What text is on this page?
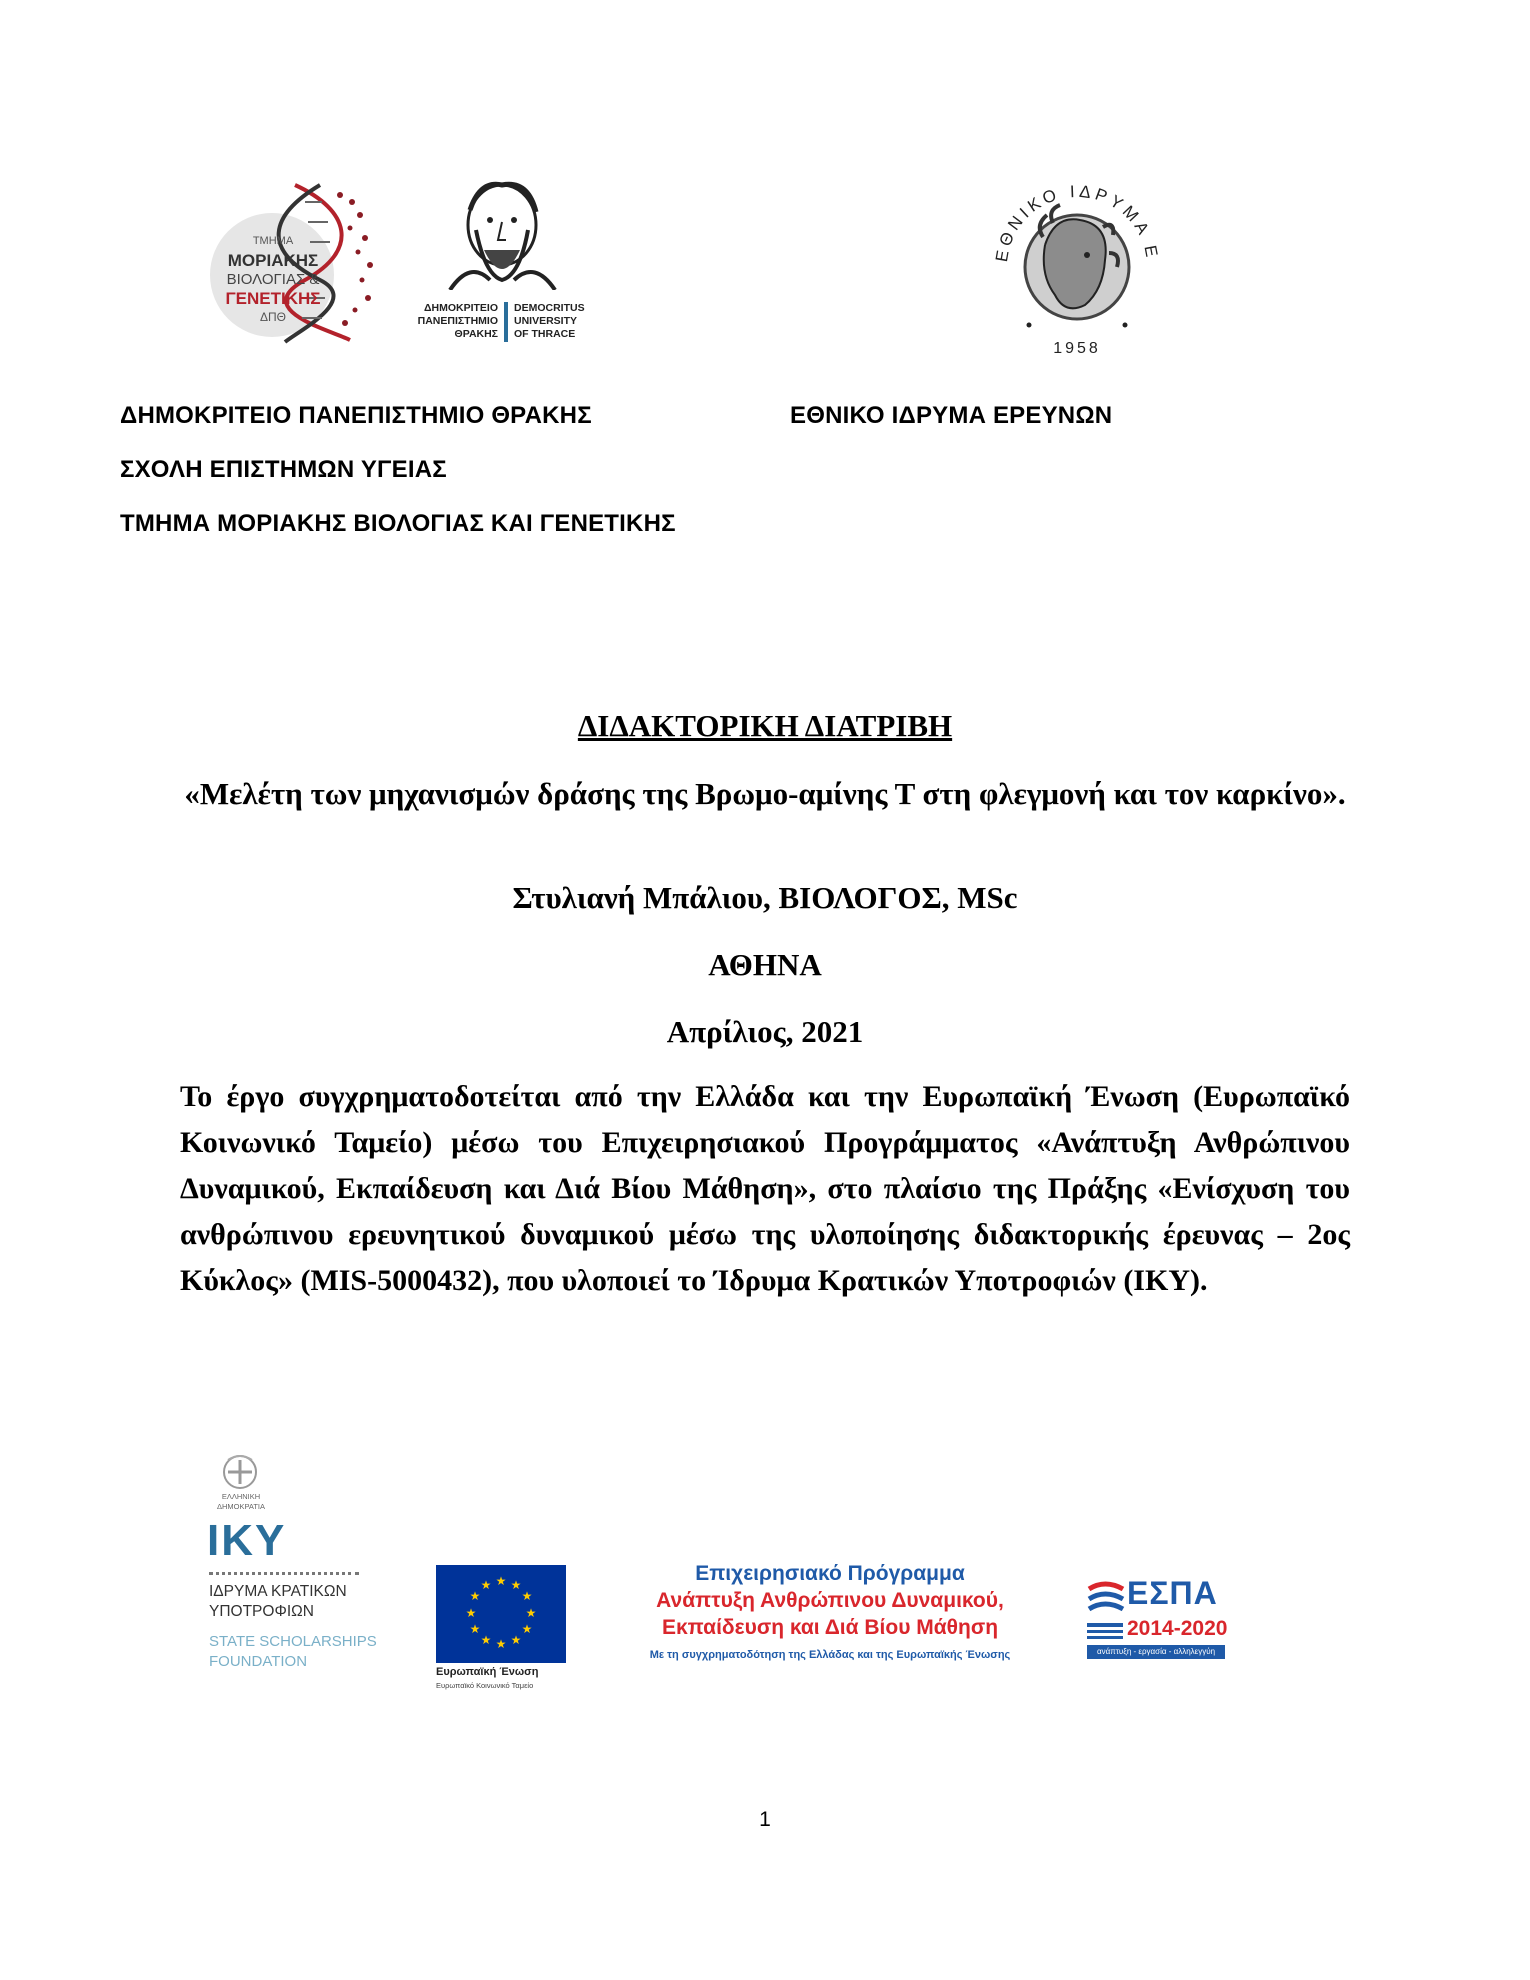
ΤΜΗΜΑ
ΜΟΡΙΑΚΗΣ
ΒΙΟΛΟΓΙΑΣ &
ΓΕΝΕΤΙΚΗΣ
ΔΠΘ
ΔΗΜΟΚΡΙΤΕΙΟ
ΠΑΝΕΠΙΣΤΗΜΙΟ
ΘΡΑΚΗΣ
DEMOCRITUS
UNIVERSITY
OF THRACE
ΕΘΝΙΚΟ ΙΔΡΥΜΑ Ε
1958
ΔΗΜΟΚΡΙΤΕΙΟ ΠΑΝΕΠΙΣΤΗΜΙΟ ΘΡΑΚΗΣ
ΣΧΟΛΗ ΕΠΙΣΤΗΜΩΝ ΥΓΕΙΑΣ
ΤΜΗΜΑ ΜΟΡΙΑΚΗΣ ΒΙΟΛΟΓΙΑΣ ΚΑΙ ΓΕΝΕΤΙΚΗΣ
ΕΘΝΙΚΟ ΙΔΡΥΜΑ ΕΡΕΥΝΩΝ
ΔΙΔΑΚΤΟΡΙΚΗ ΔΙΑΤΡΙΒΗ
«Μελέτη των μηχανισμών δράσης της Βρωμο-αμίνης Τ στη φλεγμονή και τον καρκίνο».
Στυλιανή Μπάλιου, ΒΙΟΛΟΓΟΣ, MSc
ΑΘΗΝΑ
Απρίλιος, 2021
Το έργο συγχρηματοδοτείται από την Ελλάδα και την Ευρωπαϊκή Ένωση (Ευρωπαϊκό Κοινωνικό Ταμείο) μέσω του Επιχειρησιακού Προγράμματος «Ανάπτυξη Ανθρώπινου Δυναμικού, Εκπαίδευση και Διά Βίου Μάθηση», στο πλαίσιο της Πράξης «Ενίσχυση του ανθρώπινου ερευνητικού δυναμικού μέσω της υλοποίησης διδακτορικής έρευνας – 2ος Κύκλος» (MIS-5000432), που υλοποιεί το Ίδρυμα Κρατικών Υποτροφιών (ΙΚΥ).
ΕΛΛΗΝΙΚΗ
ΔΗΜΟΚΡΑΤΙΑ
ΙΚΥ
ΙΔΡΥΜΑ ΚΡΑΤΙΚΩΝ
ΥΠΟΤΡΟΦΙΩΝ
STATE SCHOLARSHIPS
FOUNDATION
★ ★
★
★
★
★
★
★
★
★
★
★
Ευρωπαϊκή Ένωση
Ευρωπαϊκό Κοινωνικό Ταμείο
Επιχειρησιακό Πρόγραμμα
Ανάπτυξη Ανθρώπινου Δυναμικού,
Εκπαίδευση και Διά Βίου Μάθηση
Με τη συγχρηματοδότηση της Ελλάδας και της Ευρωπαϊκής Ένωσης
ΕΣΠΑ
2014-2020
ανάπτυξη - εργασία - αλληλεγγύη
1
